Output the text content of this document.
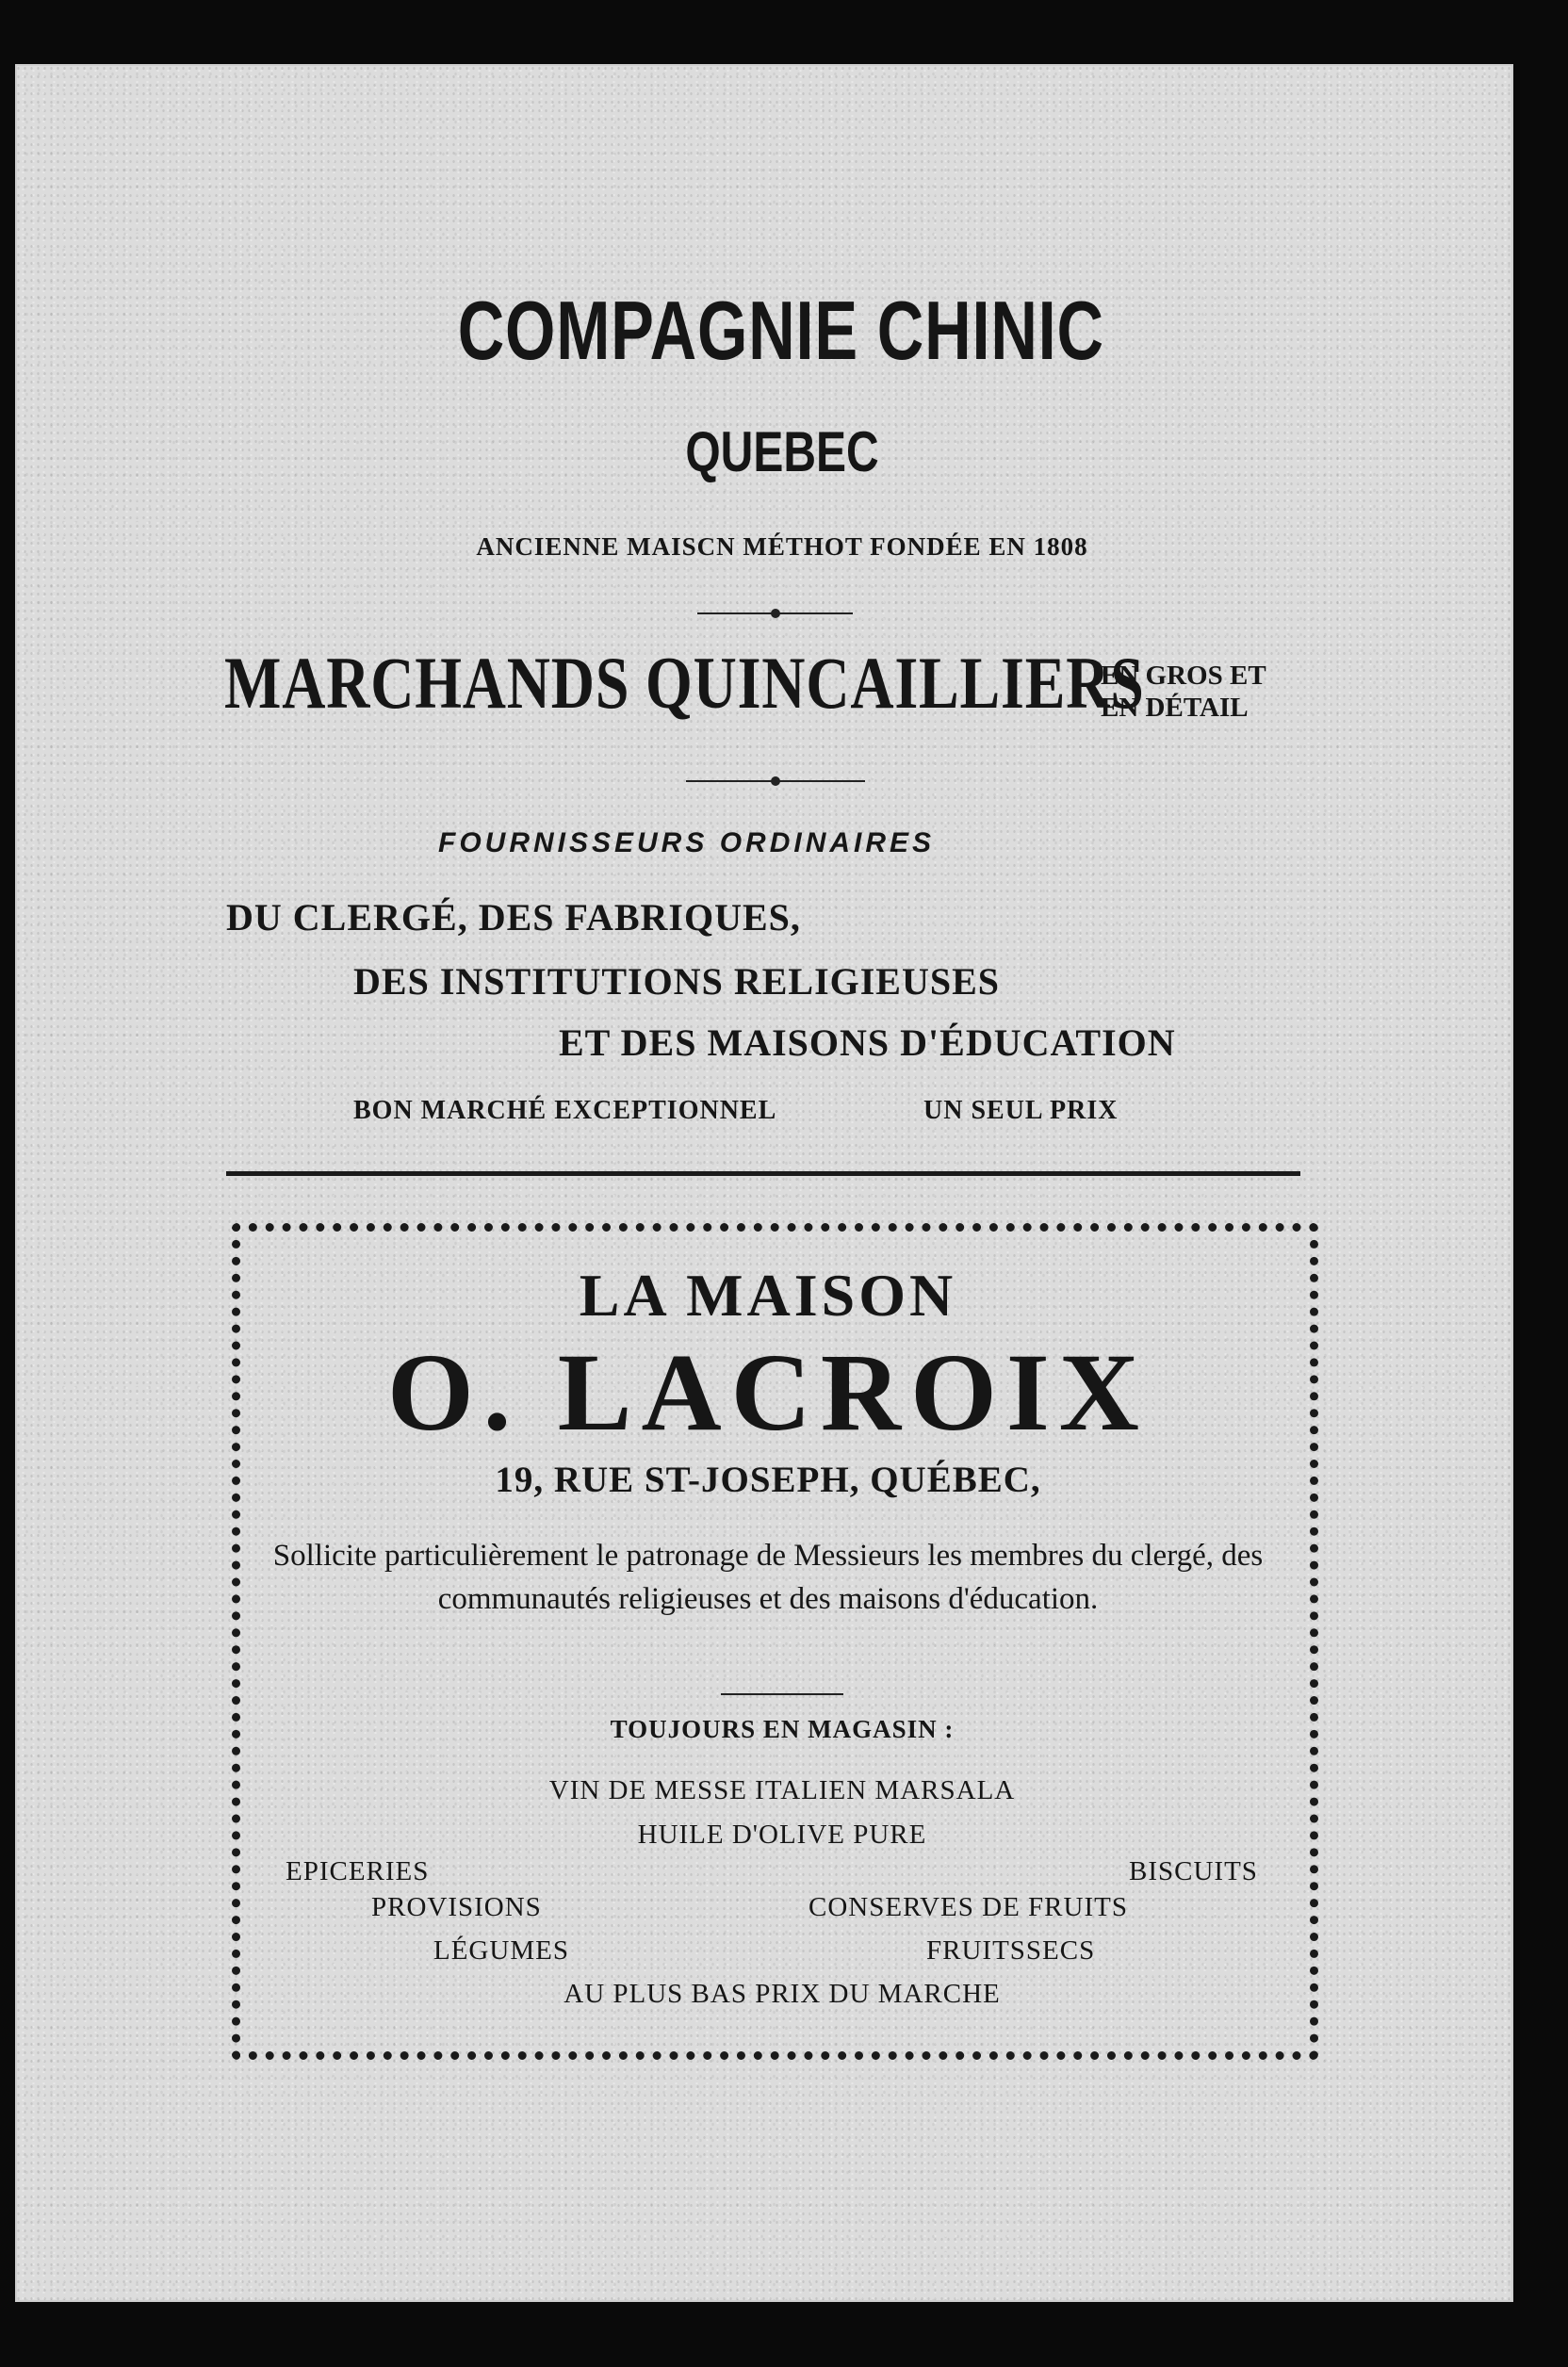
COMPAGNIE CHINIC
QUEBEC
ANCIENNE MAISCN MÉTHOT FONDÉE EN 1808
MARCHANDS QUINCAILLIERS
EN GROS ET
EN DÉTAIL
FOURNISSEURS ORDINAIRES
DU CLERGÉ, DES FABRIQUES,
DES INSTITUTIONS RELIGIEUSES
ET DES MAISONS D'ÉDUCATION
BON MARCHÉ EXCEPTIONNEL	UN SEUL PRIX
LA MAISON
O. LACROIX
19, RUE ST-JOSEPH, QUÉBEC,
Sollicite particulièrement le patronage de Messieurs les membres du clergé, des communautés religieuses et des maisons d'éducation.
TOUJOURS EN MAGASIN :
VIN DE MESSE ITALIEN MARSALA
HUILE D'OLIVE PURE
EPICERIES	BISCUITS
PROVISIONS	CONSERVES DE FRUITS
LÉGUMES	FRUITSSECS
AU PLUS BAS PRIX DU MARCHE
